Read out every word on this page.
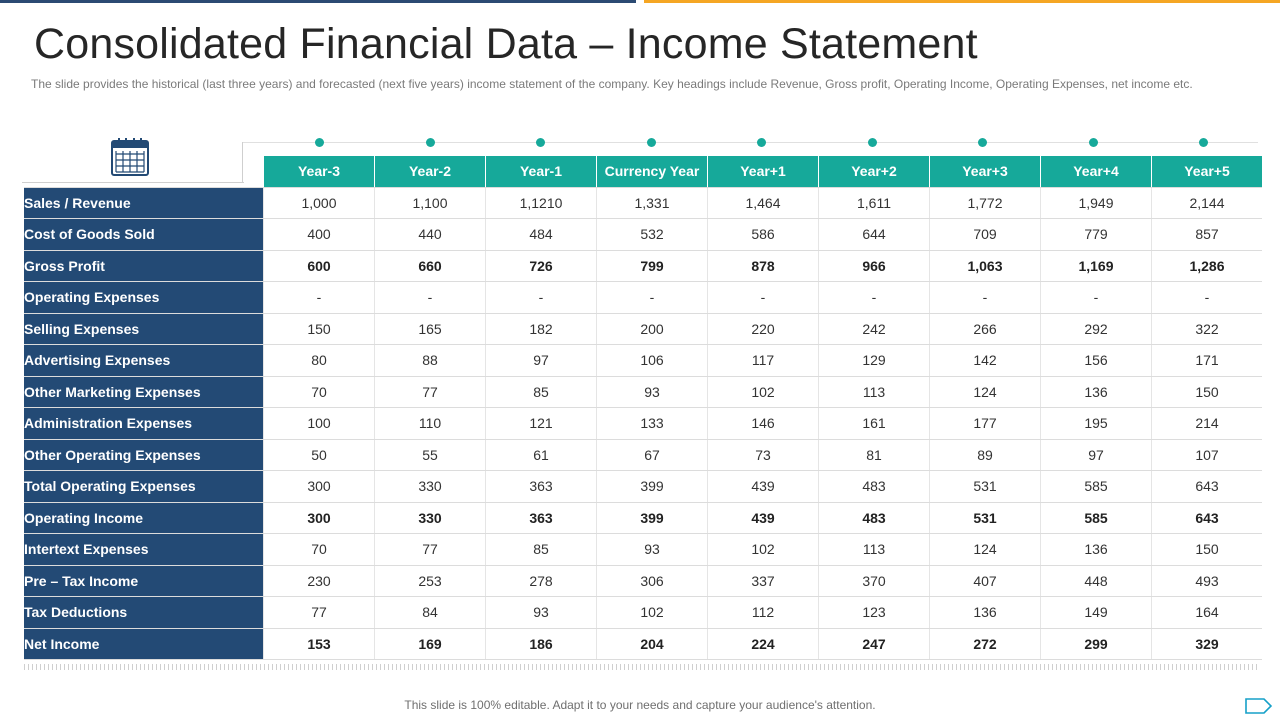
Consolidated Financial Data – Income Statement
The slide provides the historical (last three years) and forecasted (next five years) income statement of the company. Key headings include Revenue, Gross profit, Operating Income, Operating Expenses, net income etc.
	Year-3	Year-2	Year-1	Currency Year	Year+1	Year+2	Year+3	Year+4	Year+5
Sales / Revenue	1,000	1,100	1,1210	1,331	1,464	1,611	1,772	1,949	2,144
Cost of Goods Sold	400	440	484	532	586	644	709	779	857
Gross Profit	600	660	726	799	878	966	1,063	1,169	1,286
Operating Expenses	-	-	-	-	-	-	-	-	-
Selling Expenses	150	165	182	200	220	242	266	292	322
Advertising Expenses	80	88	97	106	117	129	142	156	171
Other Marketing Expenses	70	77	85	93	102	113	124	136	150
Administration Expenses	100	110	121	133	146	161	177	195	214
Other Operating Expenses	50	55	61	67	73	81	89	97	107
Total Operating Expenses	300	330	363	399	439	483	531	585	643
Operating Income	300	330	363	399	439	483	531	585	643
Intertext Expenses	70	77	85	93	102	113	124	136	150
Pre – Tax Income	230	253	278	306	337	370	407	448	493
Tax Deductions	77	84	93	102	112	123	136	149	164
Net Income	153	169	186	204	224	247	272	299	329
This slide is 100% editable. Adapt it to your needs and capture your audience's attention.
